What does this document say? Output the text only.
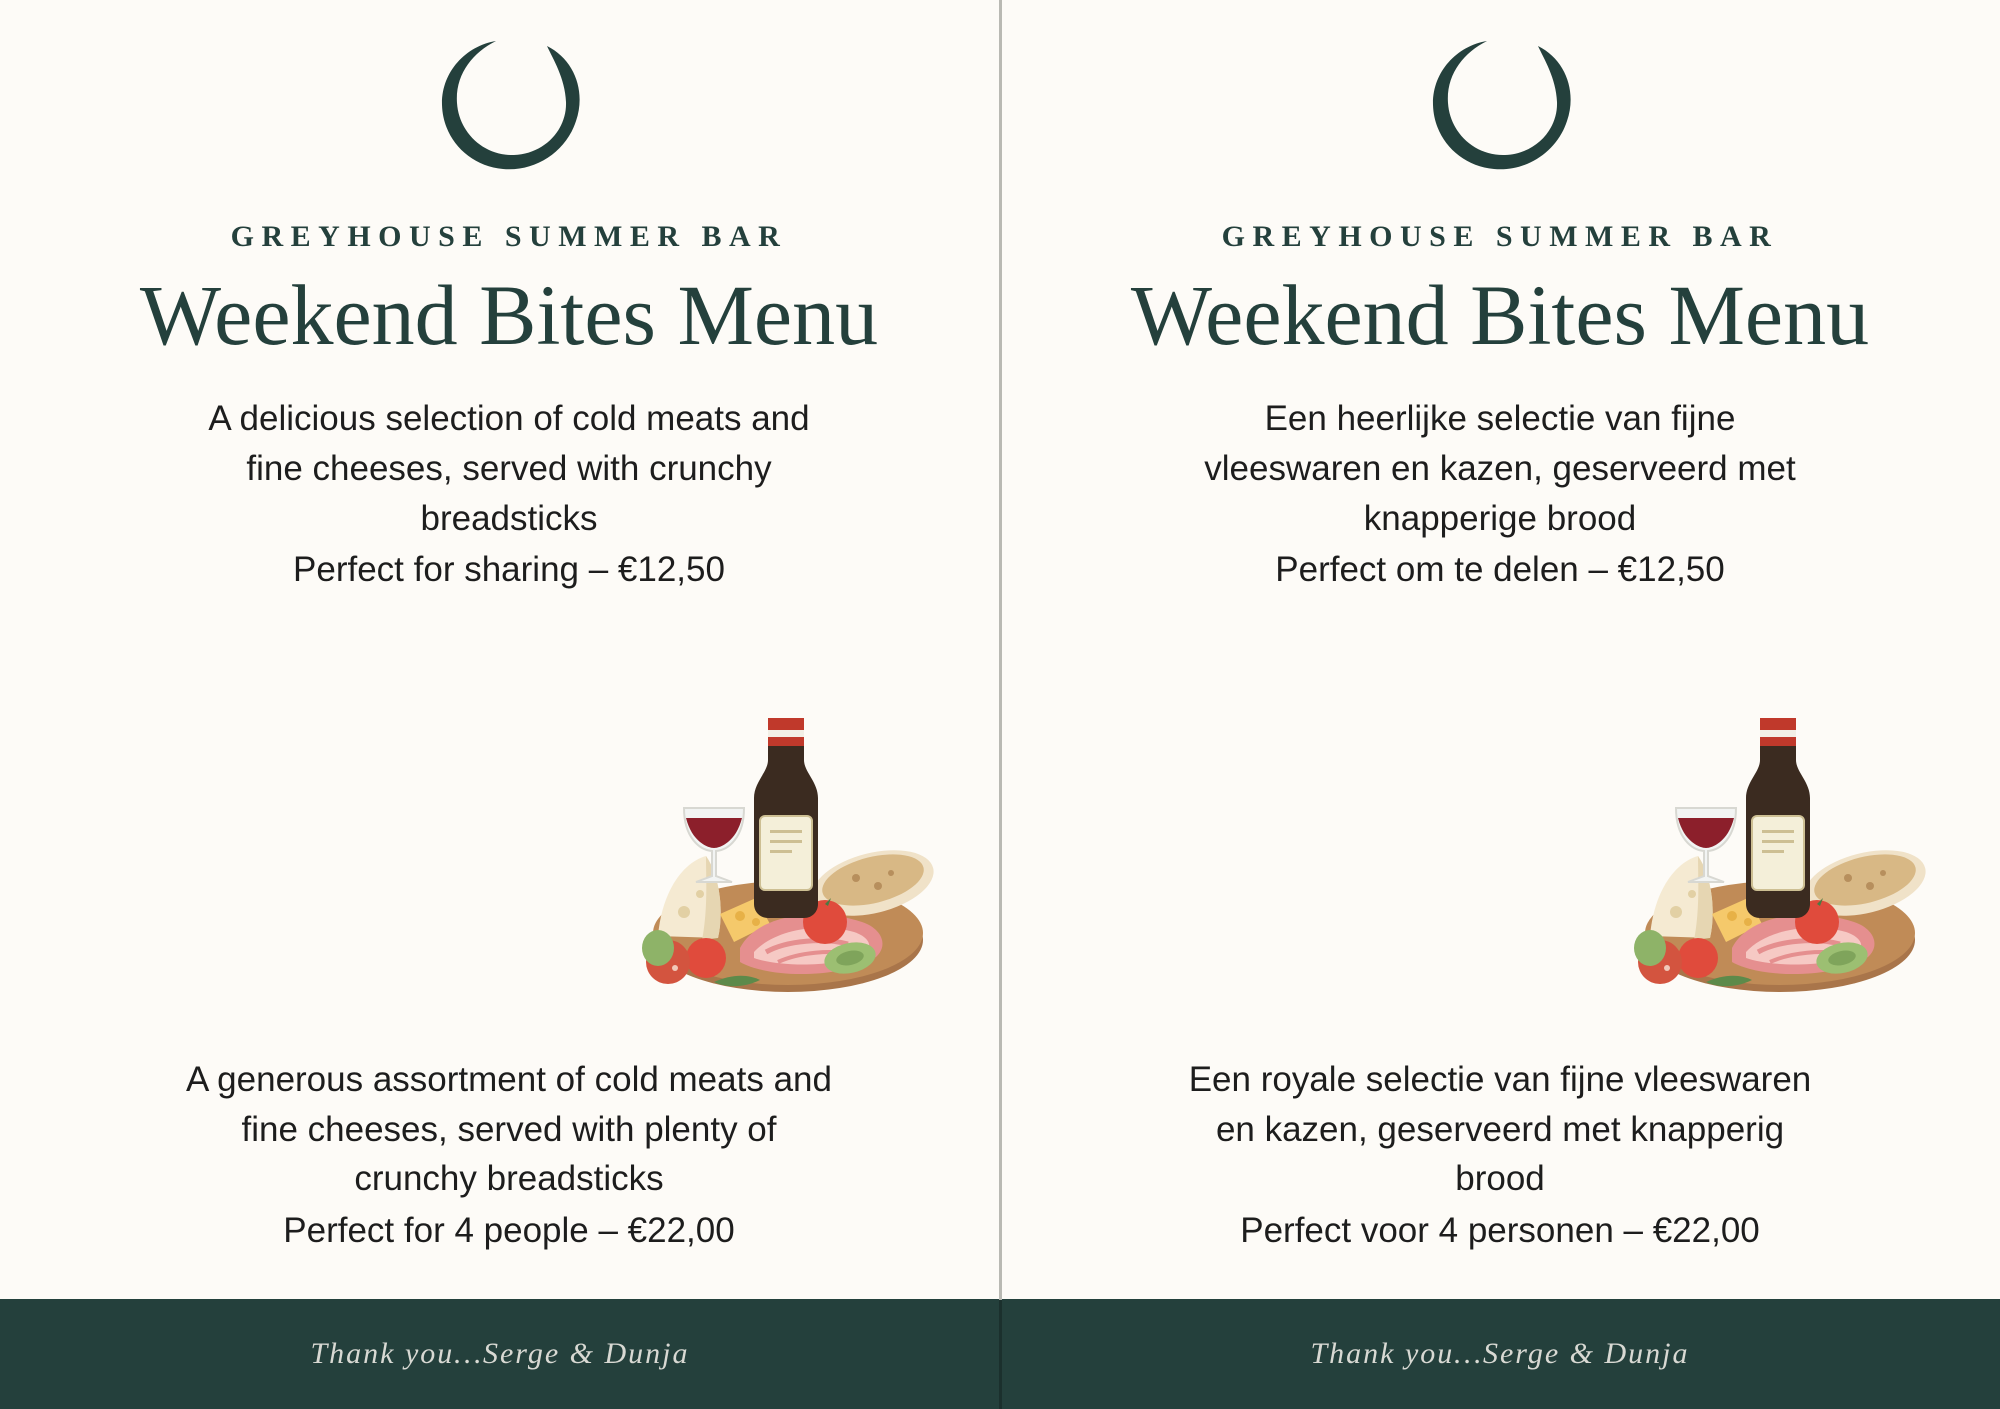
GREYHOUSE SUMMER BAR
Weekend Bites Menu
A delicious selection of cold meats and
fine cheeses, served with crunchy
breadsticks
Perfect for sharing – €12,50
A generous assortment of cold meats and
fine cheeses, served with plenty of
crunchy breadsticks
Perfect for 4 people – €22,00
GREYHOUSE SUMMER BAR
Weekend Bites Menu
Een heerlijke selectie van fijne
vleeswaren en kazen, geserveerd met
knapperige brood
Perfect om te delen – €12,50
Een royale selectie van fijne vleeswaren
en kazen, geserveerd met knapperig
brood
Perfect voor 4 personen – €22,00
Thank you…Serge & Dunja	Thank you…Serge & Dunja
